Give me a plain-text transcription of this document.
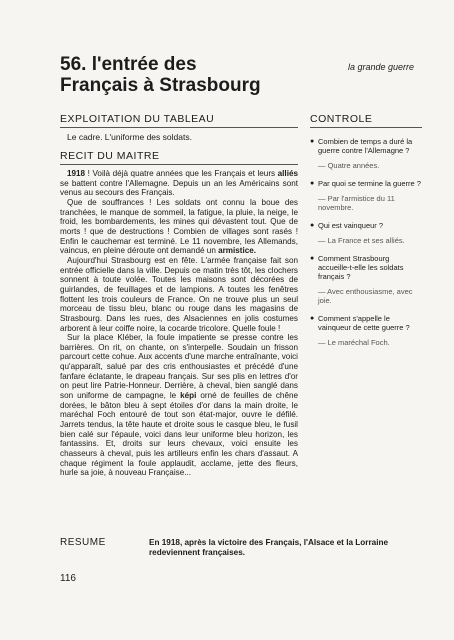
56. l'entrée des
Français à Strasbourg
la grande guerre
EXPLOITATION DU TABLEAU
Le cadre. L'uniforme des soldats.
RECIT DU MAITRE

1918 ! Voilà déjà quatre années que les Français et leurs alliés se battent contre l'Allemagne. Depuis un an les Américains sont venus au secours des Français.

Que de souffrances ! Les soldats ont connu la boue des tranchées, le manque de sommeil, la fatigue, la pluie, la neige, le froid, les bombardements, les mines qui dévastent tout. Que de morts ! que de destructions ! Combien de villages sont rasés ! Enfin le cauchemar est terminé. Le 11 novembre, les Allemands, vaincus, en pleine déroute ont demandé un armistice.

Aujourd'hui Strasbourg est en fête. L'armée française fait son entrée officielle dans la ville. Depuis ce matin très tôt, les clochers sonnent à toute volée. Toutes les maisons sont décorées de guirlandes, de feuillages et de lampions. A toutes les fenêtres flottent les trois couleurs de France. On ne trouve plus un seul morceau de tissu bleu, blanc ou rouge dans les magasins de Strasbourg. Dans les rues, des Alsaciennes en jolis costumes arborent à leur coiffe noire, la cocarde tricolore. Quelle foule !

Sur la place Kléber, la foule impatiente se presse contre les barrières. On rit, on chante, on s'interpelle. Soudain un frisson parcourt cette cohue. Aux accents d'une marche entraînante, voici qu'apparaît, salué par des cris enthousiastes et précédé d'une fanfare éclatante, le drapeau français. Sur ses plis en lettres d'or on peut lire Patrie-Honneur. Derrière, à cheval, bien sanglé dans son uniforme de campagne, le képi orné de feuilles de chêne dorées, le bâton bleu à sept étoiles d'or dans la main droite, le maréchal Foch entouré de tout son état-major, ouvre le défilé. Jarrets tendus, la tête haute et droite sous le casque bleu, le fusil bien calé sur l'épaule, voici dans leur uniforme bleu horizon, les fantassins. Et, droits sur leurs chevaux, voici ensuite les chasseurs à cheval, puis les artilleurs enfin les chars d'assaut. A chaque régiment la foule applaudit, acclame, jette des fleurs, hurle sa joie, à nouveau Française...

CONTROLE
● Combien de temps a duré la guerre contre l'Allemagne ?
— Quatre années.
● Par quoi se termine la guerre ?
— Par l'armistice du 11 novembre.
● Qui est vainqueur ?
— La France et ses alliés.
● Comment Strasbourg accueille-t-elle les soldats français ?
— Avec enthousiasme, avec joie.
● Comment s'appelle le vainqueur de cette guerre ?
— Le maréchal Foch.
RESUME	En 1918, après la victoire des Français, l'Alsace et la Lorraine redeviennent françaises.
116
